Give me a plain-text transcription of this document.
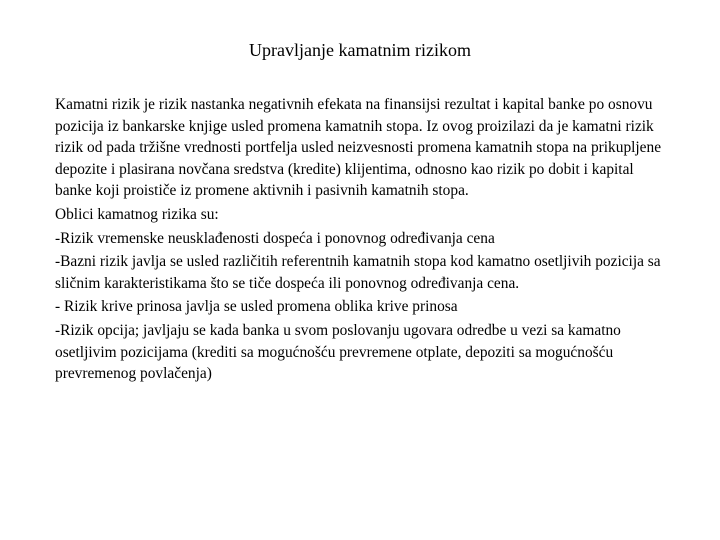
Upravljanje kamatnim rizikom

Kamatni rizik je rizik nastanka negativnih efekata na finansijsi rezultat i kapital banke po osnovu pozicija iz bankarske knjige usled promena kamatnih stopa. Iz ovog proizilazi da je kamatni rizik rizik od pada tržišne vrednosti portfelja usled neizvesnosti promena kamatnih stopa na prikupljene depozite i plasirana novčana sredstva (kredite) klijentima, odnosno kao rizik po dobit i kapital banke koji proističe iz promene aktivnih i pasivnih kamatnih stopa.

Oblici kamatnog rizika su:

-Rizik vremenske neusklađenosti dospeća i ponovnog određivanja cena

-Bazni rizik javlja se usled različitih referentnih kamatnih stopa kod kamatno osetljivih pozicija sa sličnim karakteristikama što se tiče dospeća ili ponovnog određivanja cena.

- Rizik krive prinosa javlja se usled promena oblika krive prinosa

-Rizik opcija; javljaju se kada banka u svom poslovanju ugovara odredbe u vezi sa kamatno osetljivim pozicijama (krediti sa mogućnošću prevremene otplate, depoziti sa mogućnošću prevremenog povlačenja)
